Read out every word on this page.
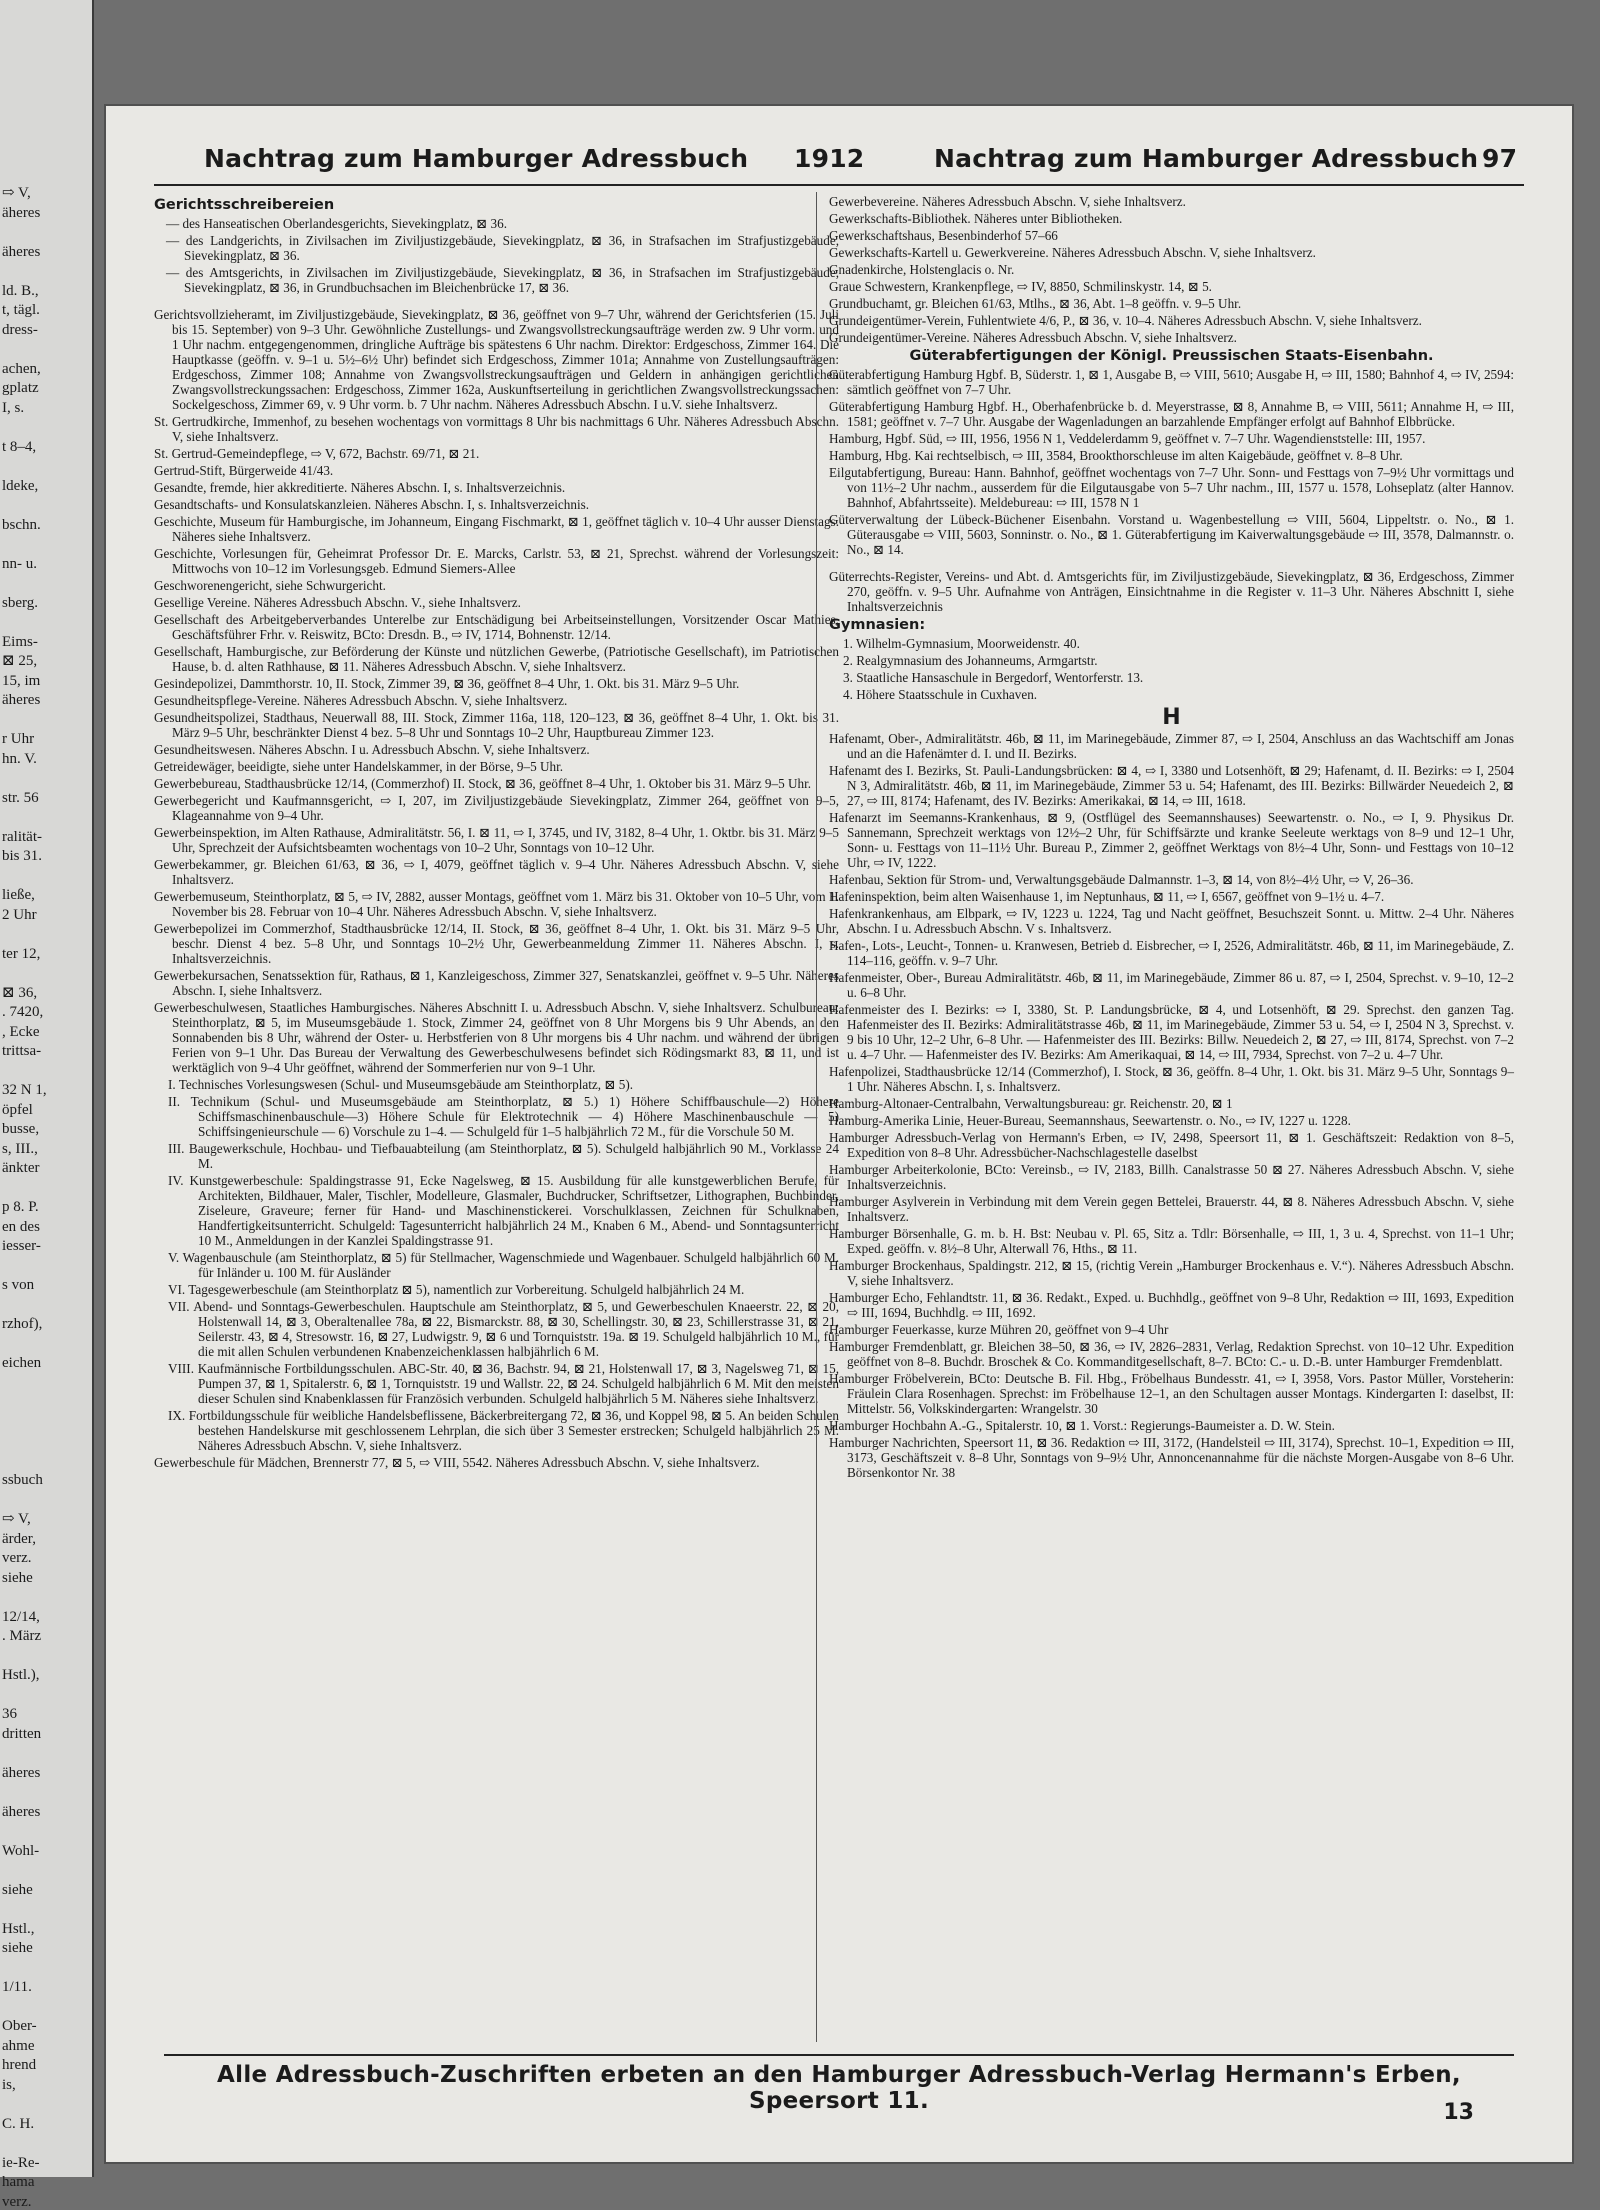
⇨ V,
äheres
äheres
ld. B.,
t, tägl.
dress-
achen,
gplatz
I, s.
t 8–4,
ldeke,
bschn.
nn- u.
sberg.
Eims-
⊠ 25,
15, im
äheres
r Uhr
hn. V.
str. 56
ralität-
bis 31.
ließe,
2 Uhr
ter 12,
⊠ 36,
. 7420,
, Ecke
trittsa-
32 N 1,
öpfel
busse,
s, III.,
änkter
p 8. P.
en des
iesser-
s von
rzhof),
eichen
ssbuch
⇨ V,
ärder,
verz.
siehe
12/14,
. März
Hstl.),
36
dritten
äheres
äheres
Wohl-
siehe
Hstl.,
siehe
1/11.
Ober-
ahme
hrend
is,
C. H.
ie-Re-
hama
verz.
Nachtrag zum Hamburger Adressbuch 1912	Nachtrag zum Hamburger Adressbuch 97
Gerichtsschreibereien
— des Hanseatischen Oberlandesgerichts, Sievekingplatz, ⊠ 36.
— des Landgerichts, in Zivilsachen im Ziviljustizgebäude, Sievekingplatz, ⊠ 36, in Strafsachen im Strafjustizgebäude, Sievekingplatz, ⊠ 36.
— des Amtsgerichts, in Zivilsachen im Ziviljustizgebäude, Sievekingplatz, ⊠ 36, in Strafsachen im Strafjustizgebäude, Sievekingplatz, ⊠ 36, in Grundbuchsachen im Bleichenbrücke 17, ⊠ 36.
Gerichtsvollzieheramt, im Ziviljustizgebäude, Sievekingplatz, ⊠ 36, geöffnet von 9–7 Uhr, während der Gerichtsferien (15. Juli bis 15. September) von 9–3 Uhr. Gewöhnliche Zustellungs- und Zwangsvollstreckungsaufträge werden zw. 9 Uhr vorm. und 1 Uhr nachm. entgegengenommen, dringliche Aufträge bis spätestens 6 Uhr nachm. Direktor: Erdgeschoss, Zimmer 164. Die Hauptkasse (geöffn. v. 9–1 u. 5½–6½ Uhr) befindet sich Erdgeschoss, Zimmer 101a; Annahme von Zustellungsaufträgen: Erdgeschoss, Zimmer 108; Annahme von Zwangsvollstreckungsaufträgen und Geldern in anhängigen gerichtlichen Zwangsvollstreckungssachen: Erdgeschoss, Zimmer 162a, Auskunftserteilung in gerichtlichen Zwangsvollstreckungssachen: Sockelgeschoss, Zimmer 69, v. 9 Uhr vorm. b. 7 Uhr nachm. Näheres Adressbuch Abschn. I u.V. siehe Inhaltsverz.
St. Gertrudkirche, Immenhof, zu besehen wochentags von vormittags 8 Uhr bis nachmittags 6 Uhr. Näheres Adressbuch Abschn. V, siehe Inhaltsverz.
St. Gertrud-Gemeindepflege, ⇨ V, 672, Bachstr. 69/71, ⊠ 21.
Gertrud-Stift, Bürgerweide 41/43.
Gesandte, fremde, hier akkreditierte. Näheres Abschn. I, s. Inhaltsverzeichnis.
Gesandtschafts- und Konsulatskanzleien. Näheres Abschn. I, s. Inhaltsverzeichnis.
Geschichte, Museum für Hamburgische, im Johanneum, Eingang Fischmarkt, ⊠ 1, geöffnet täglich v. 10–4 Uhr ausser Dienstags. Näheres siehe Inhaltsverz.
Geschichte, Vorlesungen für, Geheimrat Professor Dr. E. Marcks, Carlstr. 53, ⊠ 21, Sprechst. während der Vorlesungszeit: Mittwochs von 10–12 im Vorlesungsgeb. Edmund Siemers-Allee
Geschworenengericht, siehe Schwurgericht.
Gesellige Vereine. Näheres Adressbuch Abschn. V., siehe Inhaltsverz.
Gesellschaft des Arbeitgeberverbandes Unterelbe zur Entschädigung bei Arbeitseinstellungen, Vorsitzender Oscar Mathies, Geschäftsführer Frhr. v. Reiswitz, BCto: Dresdn. B., ⇨ IV, 1714, Bohnenstr. 12/14.
Gesellschaft, Hamburgische, zur Beförderung der Künste und nützlichen Gewerbe, (Patriotische Gesellschaft), im Patriotischen Hause, b. d. alten Rathhause, ⊠ 11. Näheres Adressbuch Abschn. V, siehe Inhaltsverz.
Gesindepolizei, Dammthorstr. 10, II. Stock, Zimmer 39, ⊠ 36, geöffnet 8–4 Uhr, 1. Okt. bis 31. März 9–5 Uhr.
Gesundheitspflege-Vereine. Näheres Adressbuch Abschn. V, siehe Inhaltsverz.
Gesundheitspolizei, Stadthaus, Neuerwall 88, III. Stock, Zimmer 116a, 118, 120–123, ⊠ 36, geöffnet 8–4 Uhr, 1. Okt. bis 31. März 9–5 Uhr, beschränkter Dienst 4 bez. 5–8 Uhr und Sonntags 10–2 Uhr, Hauptbureau Zimmer 123.
Gesundheitswesen. Näheres Abschn. I u. Adressbuch Abschn. V, siehe Inhaltsverz.
Getreidewäger, beeidigte, siehe unter Handelskammer, in der Börse, 9–5 Uhr.
Gewerbebureau, Stadthausbrücke 12/14, (Commerzhof) II. Stock, ⊠ 36, geöffnet 8–4 Uhr, 1. Oktober bis 31. März 9–5 Uhr.
Gewerbegericht und Kaufmannsgericht, ⇨ I, 207, im Ziviljustizgebäude Sievekingplatz, Zimmer 264, geöffnet von 9–5, Klageannahme von 9–4 Uhr.
Gewerbeinspektion, im Alten Rathause, Admiralitätstr. 56, I. ⊠ 11, ⇨ I, 3745, und IV, 3182, 8–4 Uhr, 1. Oktbr. bis 31. März 9–5 Uhr, Sprechzeit der Aufsichtsbeamten wochentags von 10–2 Uhr, Sonntags von 10–12 Uhr.
Gewerbekammer, gr. Bleichen 61/63, ⊠ 36, ⇨ I, 4079, geöffnet täglich v. 9–4 Uhr. Näheres Adressbuch Abschn. V, siehe Inhaltsverz.
Gewerbemuseum, Steinthorplatz, ⊠ 5, ⇨ IV, 2882, ausser Montags, geöffnet vom 1. März bis 31. Oktober von 10–5 Uhr, vom 1. November bis 28. Februar von 10–4 Uhr. Näheres Adressbuch Abschn. V, siehe Inhaltsverz.
Gewerbepolizei im Commerzhof, Stadthausbrücke 12/14, II. Stock, ⊠ 36, geöffnet 8–4 Uhr, 1. Okt. bis 31. März 9–5 Uhr, beschr. Dienst 4 bez. 5–8 Uhr, und Sonntags 10–2½ Uhr, Gewerbeanmeldung Zimmer 11. Näheres Abschn. I, s. Inhaltsverzeichnis.
Gewerbekursachen, Senatssektion für, Rathaus, ⊠ 1, Kanzleigeschoss, Zimmer 327, Senatskanzlei, geöffnet v. 9–5 Uhr. Näheres Abschn. I, siehe Inhaltsverz.
Gewerbeschulwesen, Staatliches Hamburgisches. Näheres Abschnitt I. u. Adressbuch Abschn. V, siehe Inhaltsverz. Schulbureau: Steinthorplatz, ⊠ 5, im Museumsgebäude 1. Stock, Zimmer 24, geöffnet von 8 Uhr Morgens bis 9 Uhr Abends, an den Sonnabenden bis 8 Uhr, während der Oster- u. Herbstferien von 8 Uhr morgens bis 4 Uhr nachm. und während der übrigen Ferien von 9–1 Uhr. Das Bureau der Verwaltung des Gewerbeschulwesens befindet sich Rödingsmarkt 83, ⊠ 11, und ist werktäglich von 9–4 Uhr geöffnet, während der Sommerferien nur von 9–1 Uhr.
I. Technisches Vorlesungswesen (Schul- und Museumsgebäude am Steinthorplatz, ⊠ 5).
II. Technikum (Schul- und Museumsgebäude am Steinthorplatz, ⊠ 5.) 1) Höhere Schiffbauschule—2) Höhere Schiffsmaschinenbauschule—3) Höhere Schule für Elektrotechnik — 4) Höhere Maschinenbauschule — 5) Schiffsingenieurschule — 6) Vorschule zu 1–4. — Schulgeld für 1–5 halbjährlich 72 M., für die Vorschule 50 M.
III. Baugewerkschule, Hochbau- und Tiefbauabteilung (am Steinthorplatz, ⊠ 5). Schulgeld halbjährlich 90 M., Vorklasse 24 M.
IV. Kunstgewerbeschule: Spaldingstrasse 91, Ecke Nagelsweg, ⊠ 15. Ausbildung für alle kunstgewerblichen Berufe, für Architekten, Bildhauer, Maler, Tischler, Modelleure, Glasmaler, Buchdrucker, Schriftsetzer, Lithographen, Buchbinder, Ziseleure, Graveure; ferner für Hand- und Maschinenstickerei. Vorschulklassen, Zeichnen für Schulknaben, Handfertigkeitsunterricht. Schulgeld: Tagesunterricht halbjährlich 24 M., Knaben 6 M., Abend- und Sonntagsunterricht 10 M., Anmeldungen in der Kanzlei Spaldingstrasse 91.
V. Wagenbauschule (am Steinthorplatz, ⊠ 5) für Stellmacher, Wagenschmiede und Wagenbauer. Schulgeld halbjährlich 60 M. für Inländer u. 100 M. für Ausländer
VI. Tagesgewerbeschule (am Steinthorplatz ⊠ 5), namentlich zur Vorbereitung. Schulgeld halbjährlich 24 M.
VII. Abend- und Sonntags-Gewerbeschulen. Hauptschule am Steinthorplatz, ⊠ 5, und Gewerbeschulen Knaeerstr. 22, ⊠ 20, Holstenwall 14, ⊠ 3, Oberaltenallee 78a, ⊠ 22, Bismarckstr. 88, ⊠ 30, Schellingstr. 30, ⊠ 23, Schillerstrasse 31, ⊠ 21, Seilerstr. 43, ⊠ 4, Stresowstr. 16, ⊠ 27, Ludwigstr. 9, ⊠ 6 und Tornquiststr. 19a. ⊠ 19. Schulgeld halbjährlich 10 M., für die mit allen Schulen verbundenen Knabenzeichenklassen halbjährlich 6 M.
VIII. Kaufmännische Fortbildungsschulen. ABC-Str. 40, ⊠ 36, Bachstr. 94, ⊠ 21, Holstenwall 17, ⊠ 3, Nagelsweg 71, ⊠ 15, Pumpen 37, ⊠ 1, Spitalerstr. 6, ⊠ 1, Tornquiststr. 19 und Wallstr. 22, ⊠ 24. Schulgeld halbjährlich 6 M. Mit den meisten dieser Schulen sind Knabenklassen für Französich verbunden. Schulgeld halbjährlich 5 M. Näheres siehe Inhaltsverz.
IX. Fortbildungsschule für weibliche Handelsbeflissene, Bäckerbreitergang 72, ⊠ 36, und Koppel 98, ⊠ 5. An beiden Schulen bestehen Handelskurse mit geschlossenem Lehrplan, die sich über 3 Semester erstrecken; Schulgeld halbjährlich 25 M. Näheres Adressbuch Abschn. V, siehe Inhaltsverz.
Gewerbeschule für Mädchen, Brennerstr 77, ⊠ 5, ⇨ VIII, 5542. Näheres Adressbuch Abschn. V, siehe Inhaltsverz.
Gewerbevereine. Näheres Adressbuch Abschn. V, siehe Inhaltsverz.
Gewerkschafts-Bibliothek. Näheres unter Bibliotheken.
Gewerkschaftshaus, Besenbinderhof 57–66
Gewerkschafts-Kartell u. Gewerkvereine. Näheres Adressbuch Abschn. V, siehe Inhaltsverz.
Gnadenkirche, Holstenglacis o. Nr.
Graue Schwestern, Krankenpflege, ⇨ IV, 8850, Schmilinskystr. 14, ⊠ 5.
Grundbuchamt, gr. Bleichen 61/63, Mtlhs., ⊠ 36, Abt. 1–8 geöffn. v. 9–5 Uhr.
Grundeigentümer-Verein, Fuhlentwiete 4/6, P., ⊠ 36, v. 10–4. Näheres Adressbuch Abschn. V, siehe Inhaltsverz.
Grundeigentümer-Vereine. Näheres Adressbuch Abschn. V, siehe Inhaltsverz.
Güterabfertigungen der Königl. Preussischen Staats-Eisenbahn.
Güterabfertigung Hamburg Hgbf. B, Süderstr. 1, ⊠ 1, Ausgabe B, ⇨ VIII, 5610; Ausgabe H, ⇨ III, 1580; Bahnhof 4, ⇨ IV, 2594: sämtlich geöffnet von 7–7 Uhr.
Güterabfertigung Hamburg Hgbf. H., Oberhafenbrücke b. d. Meyerstrasse, ⊠ 8, Annahme B, ⇨ VIII, 5611; Annahme H, ⇨ III, 1581; geöffnet v. 7–7 Uhr. Ausgabe der Wagenladungen an barzahlende Empfänger erfolgt auf Bahnhof Elbbrücke.
Hamburg, Hgbf. Süd, ⇨ III, 1956, 1956 N 1, Veddelerdamm 9, geöffnet v. 7–7 Uhr. Wagendienststelle: III, 1957.
Hamburg, Hbg. Kai rechtselbisch, ⇨ III, 3584, Brookthorschleuse im alten Kaigebäude, geöffnet v. 8–8 Uhr.
Eilgutabfertigung, Bureau: Hann. Bahnhof, geöffnet wochentags von 7–7 Uhr. Sonn- und Festtags von 7–9½ Uhr vormittags und von 11½–2 Uhr nachm., ausserdem für die Eilgutausgabe von 5–7 Uhr nachm., III, 1577 u. 1578, Lohseplatz (alter Hannov. Bahnhof, Abfahrtsseite). Meldebureau: ⇨ III, 1578 N 1
Güterverwaltung der Lübeck-Büchener Eisenbahn. Vorstand u. Wagenbestellung ⇨ VIII, 5604, Lippeltstr. o. No., ⊠ 1. Güterausgabe ⇨ VIII, 5603, Sonninstr. o. No., ⊠ 1. Güterabfertigung im Kaiverwaltungsgebäude ⇨ III, 3578, Dalmannstr. o. No., ⊠ 14.
Güterrechts-Register, Vereins- und Abt. d. Amtsgerichts für, im Ziviljustizgebäude, Sievekingplatz, ⊠ 36, Erdgeschoss, Zimmer 270, geöffn. v. 9–5 Uhr. Aufnahme von Anträgen, Einsichtnahme in die Register v. 11–3 Uhr. Näheres Abschnitt I, siehe Inhaltsverzeichnis
Gymnasien:
1. Wilhelm-Gymnasium, Moorweidenstr. 40.
2. Realgymnasium des Johanneums, Armgartstr.
3. Staatliche Hansaschule in Bergedorf, Wentorferstr. 13.
4. Höhere Staatsschule in Cuxhaven.
H
Hafenamt, Ober-, Admiralitätstr. 46b, ⊠ 11, im Marinegebäude, Zimmer 87, ⇨ I, 2504, Anschluss an das Wachtschiff am Jonas und an die Hafenämter d. I. und II. Bezirks.
Hafenamt des I. Bezirks, St. Pauli-Landungsbrücken: ⊠ 4, ⇨ I, 3380 und Lotsenhöft, ⊠ 29; Hafenamt, d. II. Bezirks: ⇨ I, 2504 N 3, Admiralitätstr. 46b, ⊠ 11, im Marinegebäude, Zimmer 53 u. 54; Hafenamt, des III. Bezirks: Billwärder Neuedeich 2, ⊠ 27, ⇨ III, 8174; Hafenamt, des IV. Bezirks: Amerikakai, ⊠ 14, ⇨ III, 1618.
Hafenarzt im Seemanns-Krankenhaus, ⊠ 9, (Ostflügel des Seemannshauses) Seewartenstr. o. No., ⇨ I, 9. Physikus Dr. Sannemann, Sprechzeit werktags von 12½–2 Uhr, für Schiffsärzte und kranke Seeleute werktags von 8–9 und 12–1 Uhr, Sonn- u. Festtags von 11–11½ Uhr. Bureau P., Zimmer 2, geöffnet Werktags von 8½–4 Uhr, Sonn- und Festtags von 10–12 Uhr, ⇨ IV, 1222.
Hafenbau, Sektion für Strom- und, Verwaltungsgebäude Dalmannstr. 1–3, ⊠ 14, von 8½–4½ Uhr, ⇨ V, 26–36.
Hafeninspektion, beim alten Waisenhause 1, im Neptunhaus, ⊠ 11, ⇨ I, 6567, geöffnet von 9–1½ u. 4–7.
Hafenkrankenhaus, am Elbpark, ⇨ IV, 1223 u. 1224, Tag und Nacht geöffnet, Besuchszeit Sonnt. u. Mittw. 2–4 Uhr. Näheres Abschn. I u. Adressbuch Abschn. V s. Inhaltsverz.
Hafen-, Lots-, Leucht-, Tonnen- u. Kranwesen, Betrieb d. Eisbrecher, ⇨ I, 2526, Admiralitätstr. 46b, ⊠ 11, im Marinegebäude, Z. 114–116, geöffn. v. 9–7 Uhr.
Hafenmeister, Ober-, Bureau Admiralitätstr. 46b, ⊠ 11, im Marinegebäude, Zimmer 86 u. 87, ⇨ I, 2504, Sprechst. v. 9–10, 12–2 u. 6–8 Uhr.
Hafenmeister des I. Bezirks: ⇨ I, 3380, St. P. Landungsbrücke, ⊠ 4, und Lotsenhöft, ⊠ 29. Sprechst. den ganzen Tag. Hafenmeister des II. Bezirks: Admiralitätstrasse 46b, ⊠ 11, im Marinegebäude, Zimmer 53 u. 54, ⇨ I, 2504 N 3, Sprechst. v. 9 bis 10 Uhr, 12–2 Uhr, 6–8 Uhr. — Hafenmeister des III. Bezirks: Billw. Neuedeich 2, ⊠ 27, ⇨ III, 8174, Sprechst. von 7–2 u. 4–7 Uhr. — Hafenmeister des IV. Bezirks: Am Amerikaquai, ⊠ 14, ⇨ III, 7934, Sprechst. von 7–2 u. 4–7 Uhr.
Hafenpolizei, Stadthausbrücke 12/14 (Commerzhof), I. Stock, ⊠ 36, geöffn. 8–4 Uhr, 1. Okt. bis 31. März 9–5 Uhr, Sonntags 9–1 Uhr. Näheres Abschn. I, s. Inhaltsverz.
Hamburg-Altonaer-Centralbahn, Verwaltungsbureau: gr. Reichenstr. 20, ⊠ 1
Hamburg-Amerika Linie, Heuer-Bureau, Seemannshaus, Seewartenstr. o. No., ⇨ IV, 1227 u. 1228.
Hamburger Adressbuch-Verlag von Hermann's Erben, ⇨ IV, 2498, Speersort 11, ⊠ 1. Geschäftszeit: Redaktion von 8–5, Expedition von 8–8 Uhr. Adressbücher-Nachschlagestelle daselbst
Hamburger Arbeiterkolonie, BCto: Vereinsb., ⇨ IV, 2183, Billh. Canalstrasse 50 ⊠ 27. Näheres Adressbuch Abschn. V, siehe Inhaltsverzeichnis.
Hamburger Asylverein in Verbindung mit dem Verein gegen Bettelei, Brauerstr. 44, ⊠ 8. Näheres Adressbuch Abschn. V, siehe Inhaltsverz.
Hamburger Börsenhalle, G. m. b. H. Bst: Neubau v. Pl. 65, Sitz a. Tdlr: Börsenhalle, ⇨ III, 1, 3 u. 4, Sprechst. von 11–1 Uhr; Exped. geöffn. v. 8½–8 Uhr, Alterwall 76, Hths., ⊠ 11.
Hamburger Brockenhaus, Spaldingstr. 212, ⊠ 15, (richtig Verein „Hamburger Brockenhaus e. V.“). Näheres Adressbuch Abschn. V, siehe Inhaltsverz.
Hamburger Echo, Fehlandtstr. 11, ⊠ 36. Redakt., Exped. u. Buchhdlg., geöffnet von 9–8 Uhr, Redaktion ⇨ III, 1693, Expedition ⇨ III, 1694, Buchhdlg. ⇨ III, 1692.
Hamburger Feuerkasse, kurze Mühren 20, geöffnet von 9–4 Uhr
Hamburger Fremdenblatt, gr. Bleichen 38–50, ⊠ 36, ⇨ IV, 2826–2831, Verlag, Redaktion Sprechst. von 10–12 Uhr. Expedition geöffnet von 8–8. Buchdr. Broschek & Co. Kommanditgesellschaft, 8–7. BCto: C.- u. D.-B. unter Hamburger Fremdenblatt.
Hamburger Fröbelverein, BCto: Deutsche B. Fil. Hbg., Fröbelhaus Bundesstr. 41, ⇨ I, 3958, Vors. Pastor Müller, Vorsteherin: Fräulein Clara Rosenhagen. Sprechst: im Fröbelhause 12–1, an den Schultagen ausser Montags. Kindergarten I: daselbst, II: Mittelstr. 56, Volkskindergarten: Wrangelstr. 30
Hamburger Hochbahn A.-G., Spitalerstr. 10, ⊠ 1. Vorst.: Regierungs-Baumeister a. D. W. Stein.
Hamburger Nachrichten, Speersort 11, ⊠ 36. Redaktion ⇨ III, 3172, (Handelsteil ⇨ III, 3174), Sprechst. 10–1, Expedition ⇨ III, 3173, Geschäftszeit v. 8–8 Uhr, Sonntags von 9–9½ Uhr, Annoncenannahme für die nächste Morgen-Ausgabe von 8–6 Uhr. Börsenkontor Nr. 38
Alle Adressbuch-Zuschriften erbeten an den Hamburger Adressbuch-Verlag Hermann's Erben, Speersort 11.	13
